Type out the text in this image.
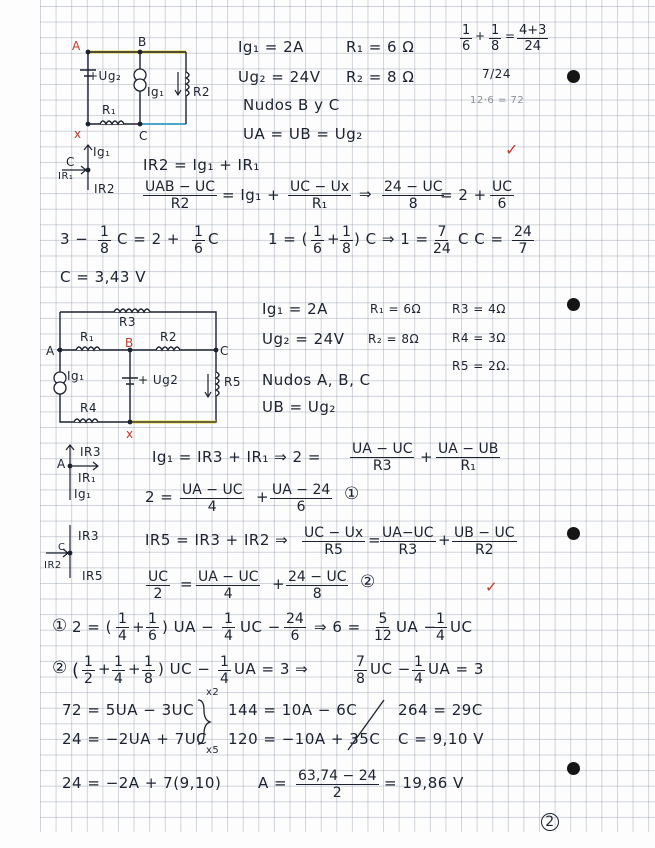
$\frac{1}{6} + \frac{1}{8} = \frac{4+3}{24}$
7/24
12·6 = 72
✓
A	B
C
x
+Ug₂
Ig₁ R2
R₁
Ig₁ = 2A	R₁ = 6 Ω
Ug₂ = 24V R₂ = 8 Ω
Nudos B y C
UA = UB = Ug₂
Ig₁
C
IR₁
IR2
IR2 = Ig₁ + IR₁
UAB − UC
$R2 = Ig_1 + \frac{UC - Ux}{\text{R₁}}$ ⇒ $\frac{24 - UC}{8}$
= $2 + \frac{UC}{6}$
$3 - \frac{1}{8}$ $C = 2 + \frac{1}{6}$ C	1 = ( $\frac{1}{6} + \frac{1}{8}$ ) C ⇒ $1 = \frac{7}{24}$ C $C = \frac{24}{7}$
C = 3,43 V
R3
R₁	R2
A
B
C
Ig₁	+ Ug2	R5
R4
x
Ig₁ = 2A	R₁ = 6Ω	R3 = 4Ω
Ug₂ = 24V R₂ = 8Ω	R4 = 3Ω
R5 = 2Ω.
Nudos A, B, C
UB = Ug₂
IR3
A
IR₁
Ig₁
Ig₁ = IR3 + IR₁ ⇒ $2 = \frac{UA - UC}{R3} + \frac{UA - UB}{\text{R₁}}$
$2 = \frac{UA - UC}{4} + \frac{UA - 24}{6}$ ①
IR3
C
IR2
IR5
IR5 = IR3 + IR2 ⇒ $\frac{UC - Ux}{R5}$ =
$\frac{UA-UC}{R3} + \frac{UB - UC}{R2}$
$\frac{UC}{2} = \frac{UA - UC}{4} + \frac{24 - UC}{8}$ ②	✓
① 2 = ( $\frac{1}{4} + \frac{1}{6}$ ) UA − $\frac{1}{4}$ UC − $\frac{24}{6}$ ⇒ $6 = \frac{5}{12}$ UA −
$\frac{1}{4}$ UC
② ( $\frac{1}{2} + \frac{1}{4} + \frac{1}{8}$ ) UC − $\frac{1}{4}$ UA = 3 ⇒	$\frac{7}{8}$ UC − $\frac{1}{4}$ UA = 3
x2
72 = 5UA − 3UC
24 = −2UA + 7UC
x5
144 = 10A − 6C
120 = −10A + 35C
264 = 29C
C = 9,10 V
24 = −2A + 7(9,10) $A = \frac{63,74 - 24}{2} = 19,86$ V
2
